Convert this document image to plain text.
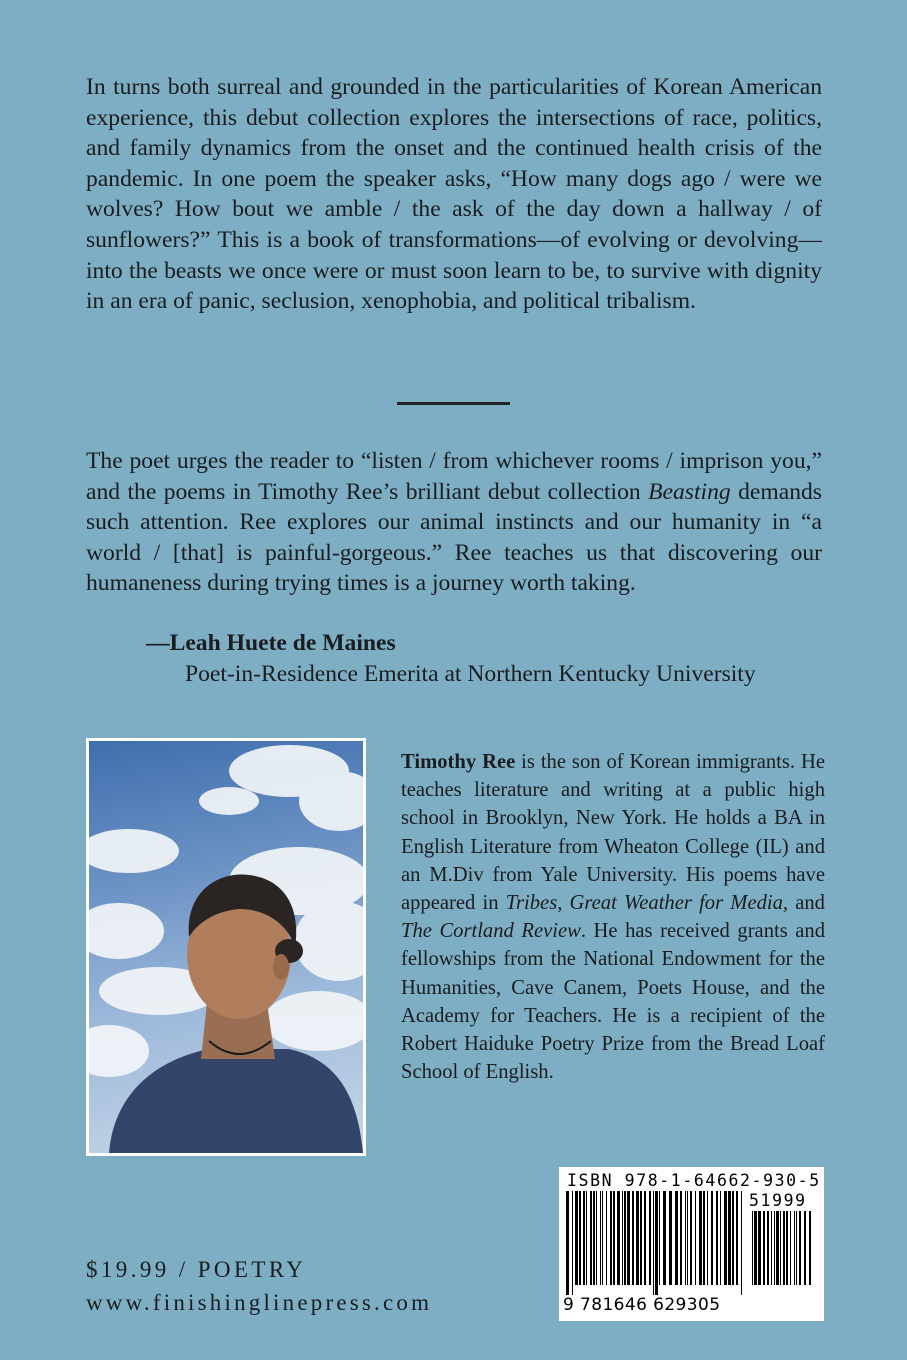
In turns both surreal and grounded in the particularities of Korean American experience, this debut collection explores the intersections of race, politics, and family dynamics from the onset and the continued health crisis of the pandemic. In one poem the speaker asks, “How many dogs ago / were we wolves? How bout we amble / the ask of the day down a hallway / of sunflowers?” This is a book of transformations—of evolving or devolving—into the beasts we once were or must soon learn to be, to survive with dignity in an era of panic, seclusion, xenophobia, and political tribalism.

The poet urges the reader to “listen / from whichever rooms / imprison you,” and the poems in Timothy Ree’s brilliant debut collection Beasting demands such attention. Ree explores our animal instincts and our humanity in “a world / [that] is painful-gorgeous.” Ree teaches us that discovering our humaneness during trying times is a journey worth taking.

—Leah Huete de Maines
Poet-in-Residence Emerita at Northern Kentucky University

Timothy Ree is the son of Korean immigrants. He teaches literature and writing at a public high school in Brooklyn, New York. He holds a BA in English Literature from Wheaton College (IL) and an M.Div from Yale University. His poems have appeared in Tribes, Great Weather for Media, and The Cortland Review. He has received grants and fellowships from the National Endowment for the Humanities, Cave Canem, Poets House, and the Academy for Teachers. He is a recipient of the Robert Haiduke Poetry Prize from the Bread Loaf School of English.

ISBN 978-1-64662-930-5
51999
9 781646 629305
$19.99 / POETRY
www.finishinglinepress.com
